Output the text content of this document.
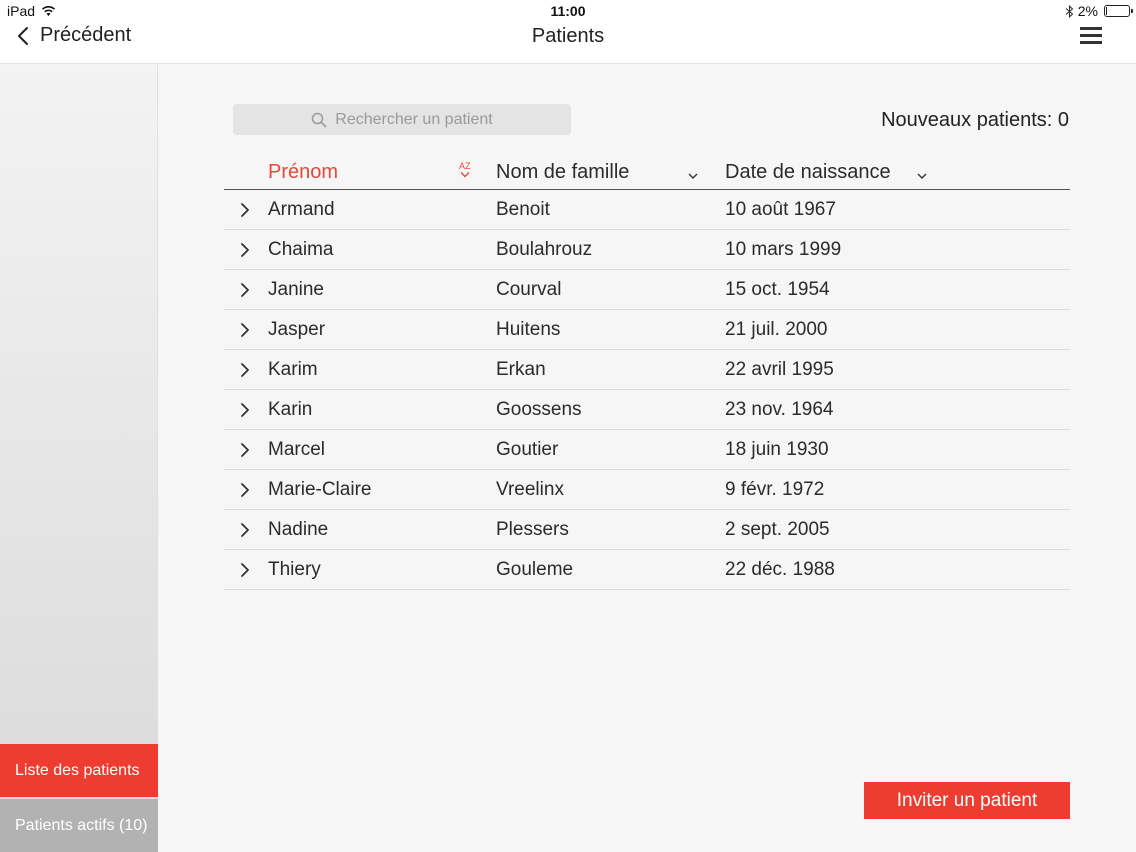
iPad	11:00	2%
Précédent	Patients
Liste des patients
Patients actifs (10)
Rechercher un patient	Nouveaux patients: 0
Prénom	AZ Nom de famille	Date de naissance
Armand	Benoit	10 août 1967
Chaima	Boulahrouz	10 mars 1999
Janine	Courval	15 oct. 1954
Jasper	Huitens	21 juil. 2000
Karim	Erkan	22 avril 1995
Karin	Goossens	23 nov. 1964
Marcel	Goutier	18 juin 1930
Marie-Claire	Vreelinx	9 févr. 1972
Nadine	Plessers	2 sept. 2005
Thiery	Gouleme	22 déc. 1988
Inviter un patient
